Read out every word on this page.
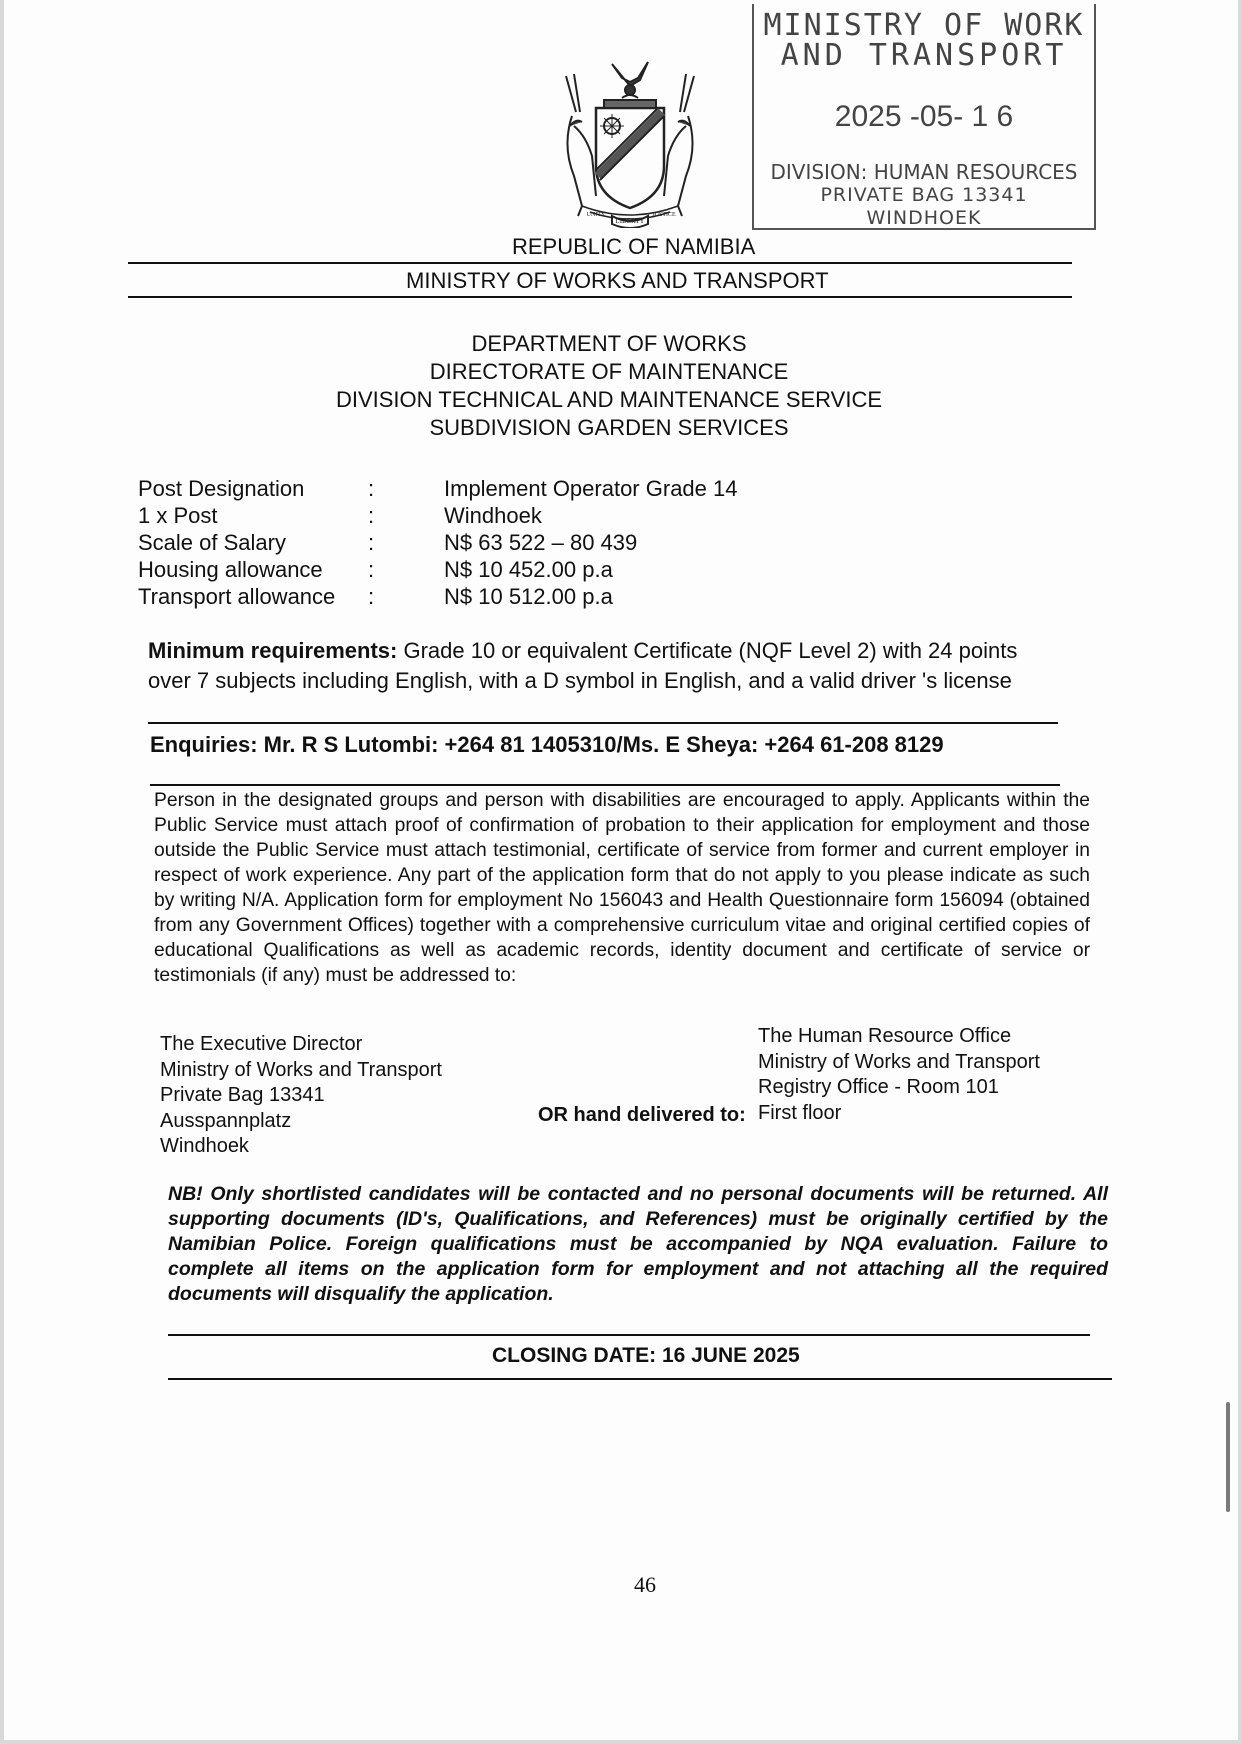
LIBERTY
UNITY	JUSTICE
MINISTRY OF WORK
AND TRANSPORT
2025 -05- 1 6
DIVISION: HUMAN RESOURCES
PRIVATE BAG 13341
WINDHOEK
REPUBLIC OF NAMIBIA
MINISTRY OF WORKS AND TRANSPORT
DEPARTMENT OF WORKS
DIRECTORATE OF MAINTENANCE
DIVISION TECHNICAL AND MAINTENANCE SERVICE
SUBDIVISION GARDEN SERVICES
Post Designation	:	Implement Operator Grade 14
1 x Post	:	Windhoek
Scale of Salary	:	N$ 63 522 – 80 439
Housing allowance :	N$ 10 452.00 p.a
Transport allowance :	N$ 10 512.00 p.a
Minimum requirements: Grade 10 or equivalent Certificate (NQF Level 2) with 24 points over 7 subjects including English, with a D symbol in English, and a valid driver 's license
Enquiries: Mr. R S Lutombi: +264 81 1405310/Ms. E Sheya: +264 61-208 8129
Person in the designated groups and person with disabilities are encouraged to apply. Applicants within the Public Service must attach proof of confirmation of probation to their application for employment and those outside the Public Service must attach testimonial, certificate of service from former and current employer in respect of work experience. Any part of the application form that do not apply to you please indicate as such by writing N/A. Application form for employment No 156043 and Health Questionnaire form 156094 (obtained from any Government Offices) together with a comprehensive curriculum vitae and original certified copies of educational Qualifications as well as academic records, identity document and certificate of service or testimonials (if any) must be addressed to:
The Executive Director
Ministry of Works and Transport
Private Bag 13341
Ausspannplatz
Windhoek
OR hand delivered to:
The Human Resource Office
Ministry of Works and Transport
Registry Office - Room 101
First floor
NB! Only shortlisted candidates will be contacted and no personal documents will be returned. All supporting documents (ID's, Qualifications, and References) must be originally certified by the Namibian Police. Foreign qualifications must be accompanied by NQA evaluation. Failure to complete all items on the application form for employment and not attaching all the required documents will disqualify the application.
CLOSING DATE: 16 JUNE 2025
46
